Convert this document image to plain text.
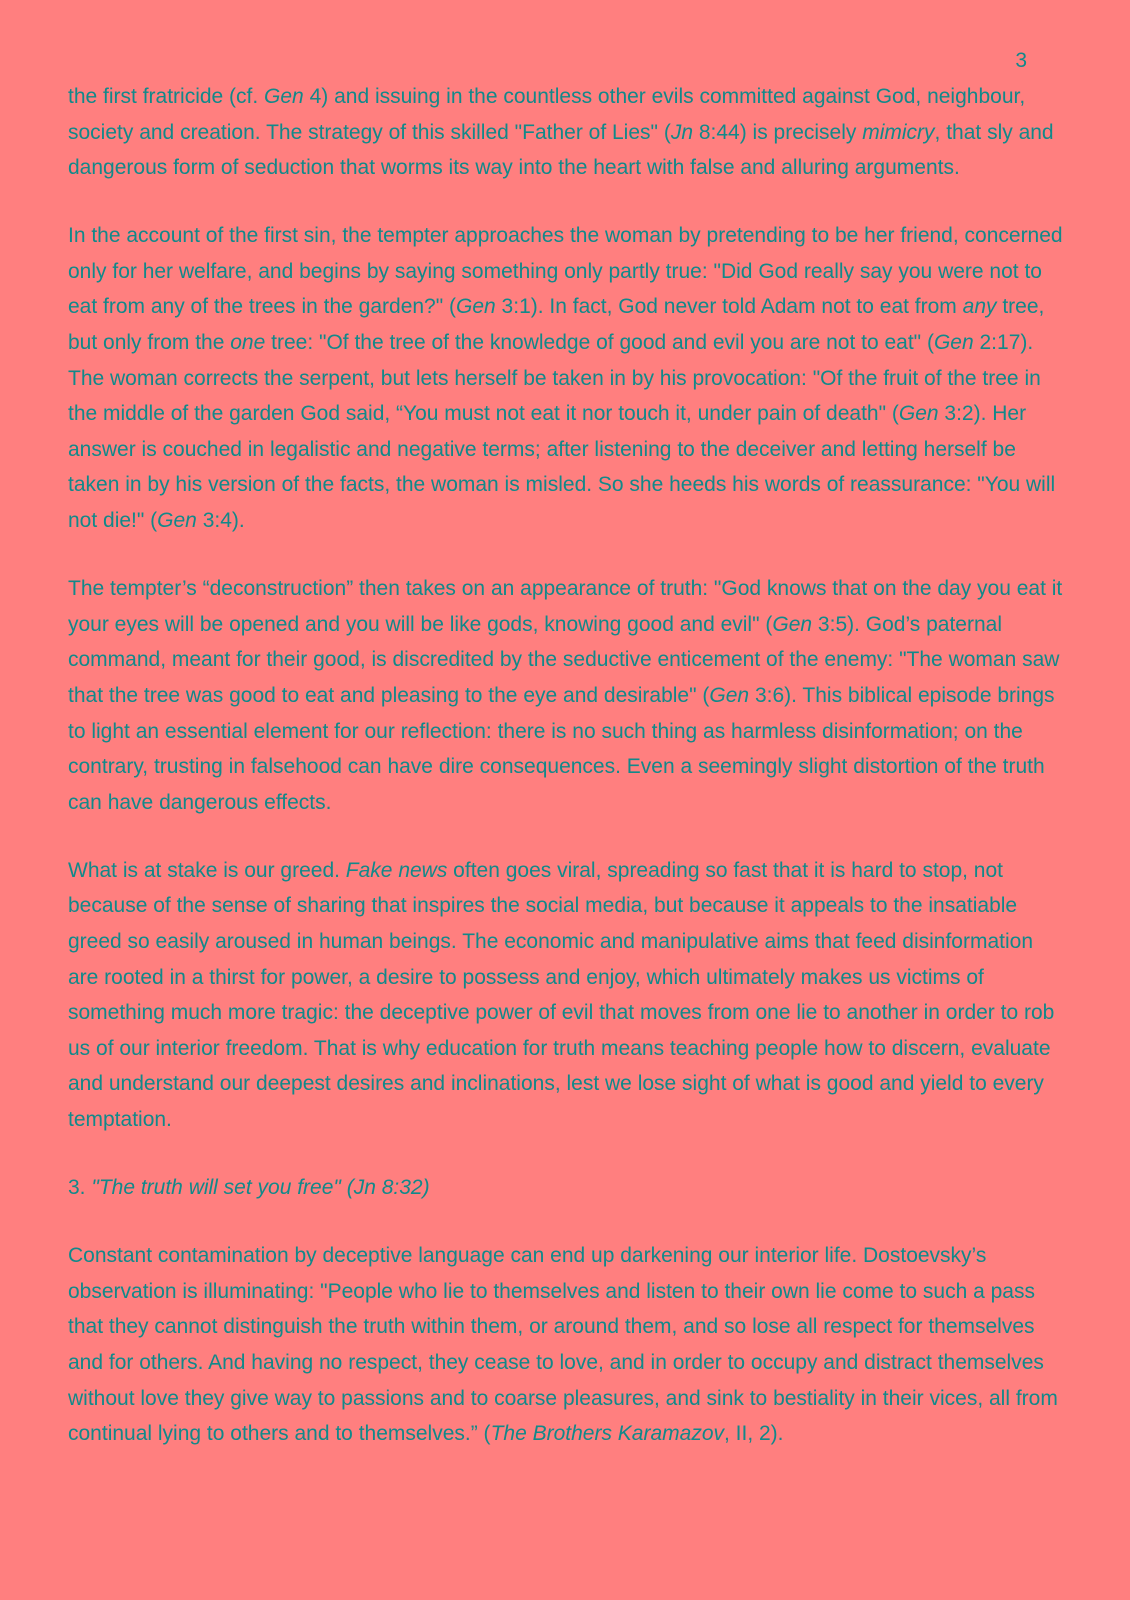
3

the first fratricide (cf. Gen 4) and issuing in the countless other evils committed against God, neighbour, society and creation. The strategy of this skilled "Father of Lies" (Jn 8:44) is precisely mimicry, that sly and dangerous form of seduction that worms its way into the heart with false and alluring arguments.

In the account of the first sin, the tempter approaches the woman by pretending to be her friend, concerned only for her welfare, and begins by saying something only partly true: "Did God really say you were not to eat from any of the trees in the garden?" (Gen 3:1). In fact, God never told Adam not to eat from any tree, but only from the one tree: "Of the tree of the knowledge of good and evil you are not to eat" (Gen 2:17). The woman corrects the serpent, but lets herself be taken in by his provocation: "Of the fruit of the tree in the middle of the garden God said, “You must not eat it nor touch it, under pain of death" (Gen 3:2). Her answer is couched in legalistic and negative terms; after listening to the deceiver and letting herself be taken in by his version of the facts, the woman is misled. So she heeds his words of reassurance: "You will not die!" (Gen 3:4).

The tempter’s “deconstruction” then takes on an appearance of truth: "God knows that on the day you eat it your eyes will be opened and you will be like gods, knowing good and evil" (Gen 3:5). God’s paternal command, meant for their good, is discredited by the seductive enticement of the enemy: "The woman saw that the tree was good to eat and pleasing to the eye and desirable" (Gen 3:6). This biblical episode brings to light an essential element for our reflection: there is no such thing as harmless disinformation; on the contrary, trusting in falsehood can have dire consequences. Even a seemingly slight distortion of the truth can have dangerous effects.

What is at stake is our greed. Fake news often goes viral, spreading so fast that it is hard to stop, not because of the sense of sharing that inspires the social media, but because it appeals to the insatiable greed so easily aroused in human beings. The economic and manipulative aims that feed disinformation are rooted in a thirst for power, a desire to possess and enjoy, which ultimately makes us victims of something much more tragic: the deceptive power of evil that moves from one lie to another in order to rob us of our interior freedom. That is why education for truth means teaching people how to discern, evaluate and understand our deepest desires and inclinations, lest we lose sight of what is good and yield to every temptation.

3. "The truth will set you free" (Jn 8:32)

Constant contamination by deceptive language can end up darkening our interior life. Dostoevsky’s observation is illuminating: "People who lie to themselves and listen to their own lie come to such a pass that they cannot distinguish the truth within them, or around them, and so lose all respect for themselves and for others. And having no respect, they cease to love, and in order to occupy and distract themselves without love they give way to passions and to coarse pleasures, and sink to bestiality in their vices, all from continual lying to others and to themselves.” (The Brothers Karamazov, II, 2).
